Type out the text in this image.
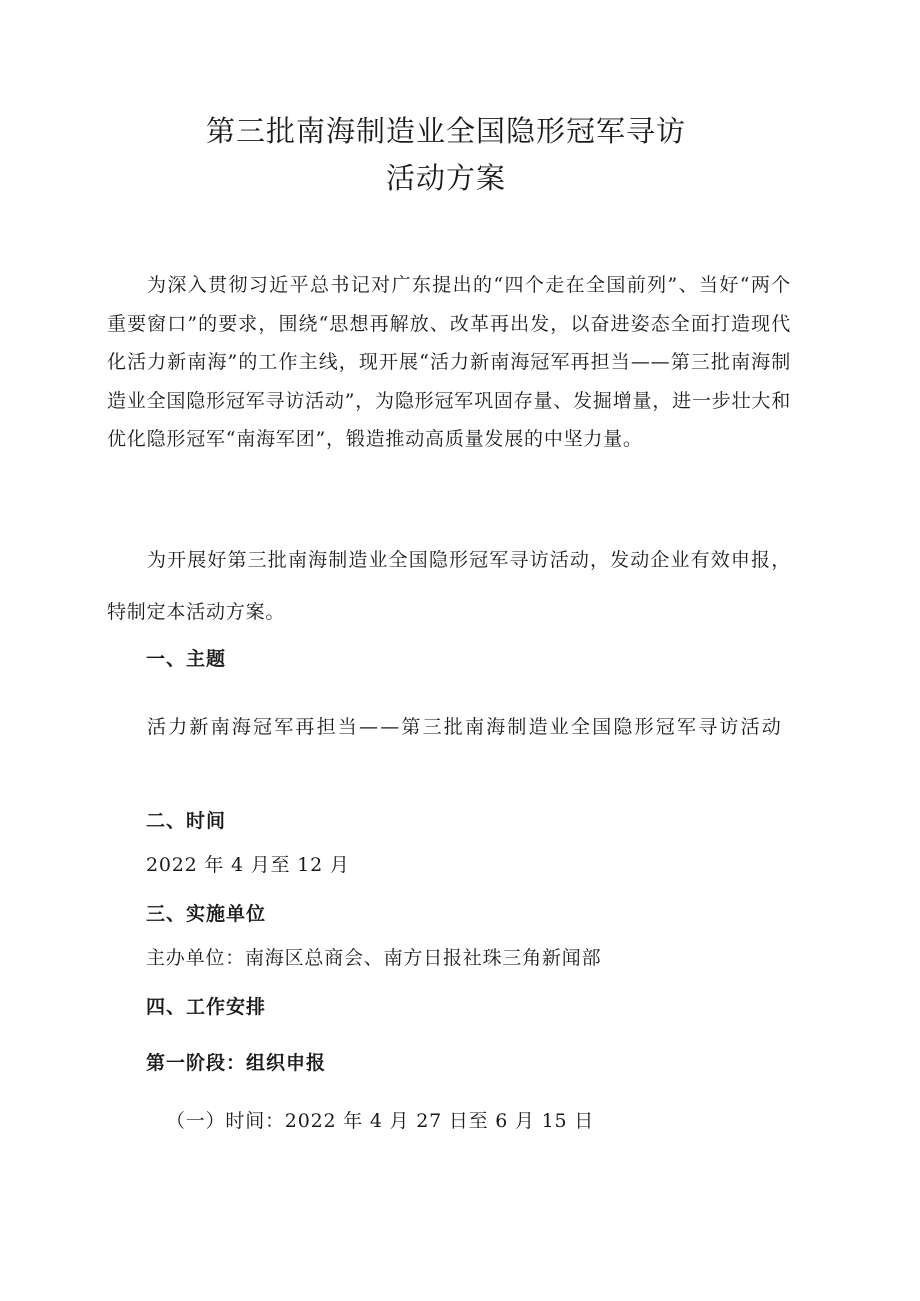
第三批南海制造业全国隐形冠军寻访
活动方案

为深入贯彻习近平总书记对广东提出的“四个走在全国前列”、当好“两个重要窗口”的要求，围绕“思想再解放、改革再出发，以奋进姿态全面打造现代化活力新南海”的工作主线，现开展“活力新南海冠军再担当——第三批南海制造业全国隐形冠军寻访活动”，为隐形冠军巩固存量、发掘增量，进一步壮大和优化隐形冠军“南海军团”，锻造推动高质量发展的中坚力量。

为开展好第三批南海制造业全国隐形冠军寻访活动，发动企业有效申报，特制定本活动方案。

一、主题

活力新南海冠军再担当——第三批南海制造业全国隐形冠军寻访活动

二、时间
2022 年 4 月至 12 月
三、实施单位
主办单位：南海区总商会、南方日报社珠三角新闻部
四、工作安排
第一阶段：组织申报
（一）时间：2022 年 4 月 27 日至 6 月 15 日
